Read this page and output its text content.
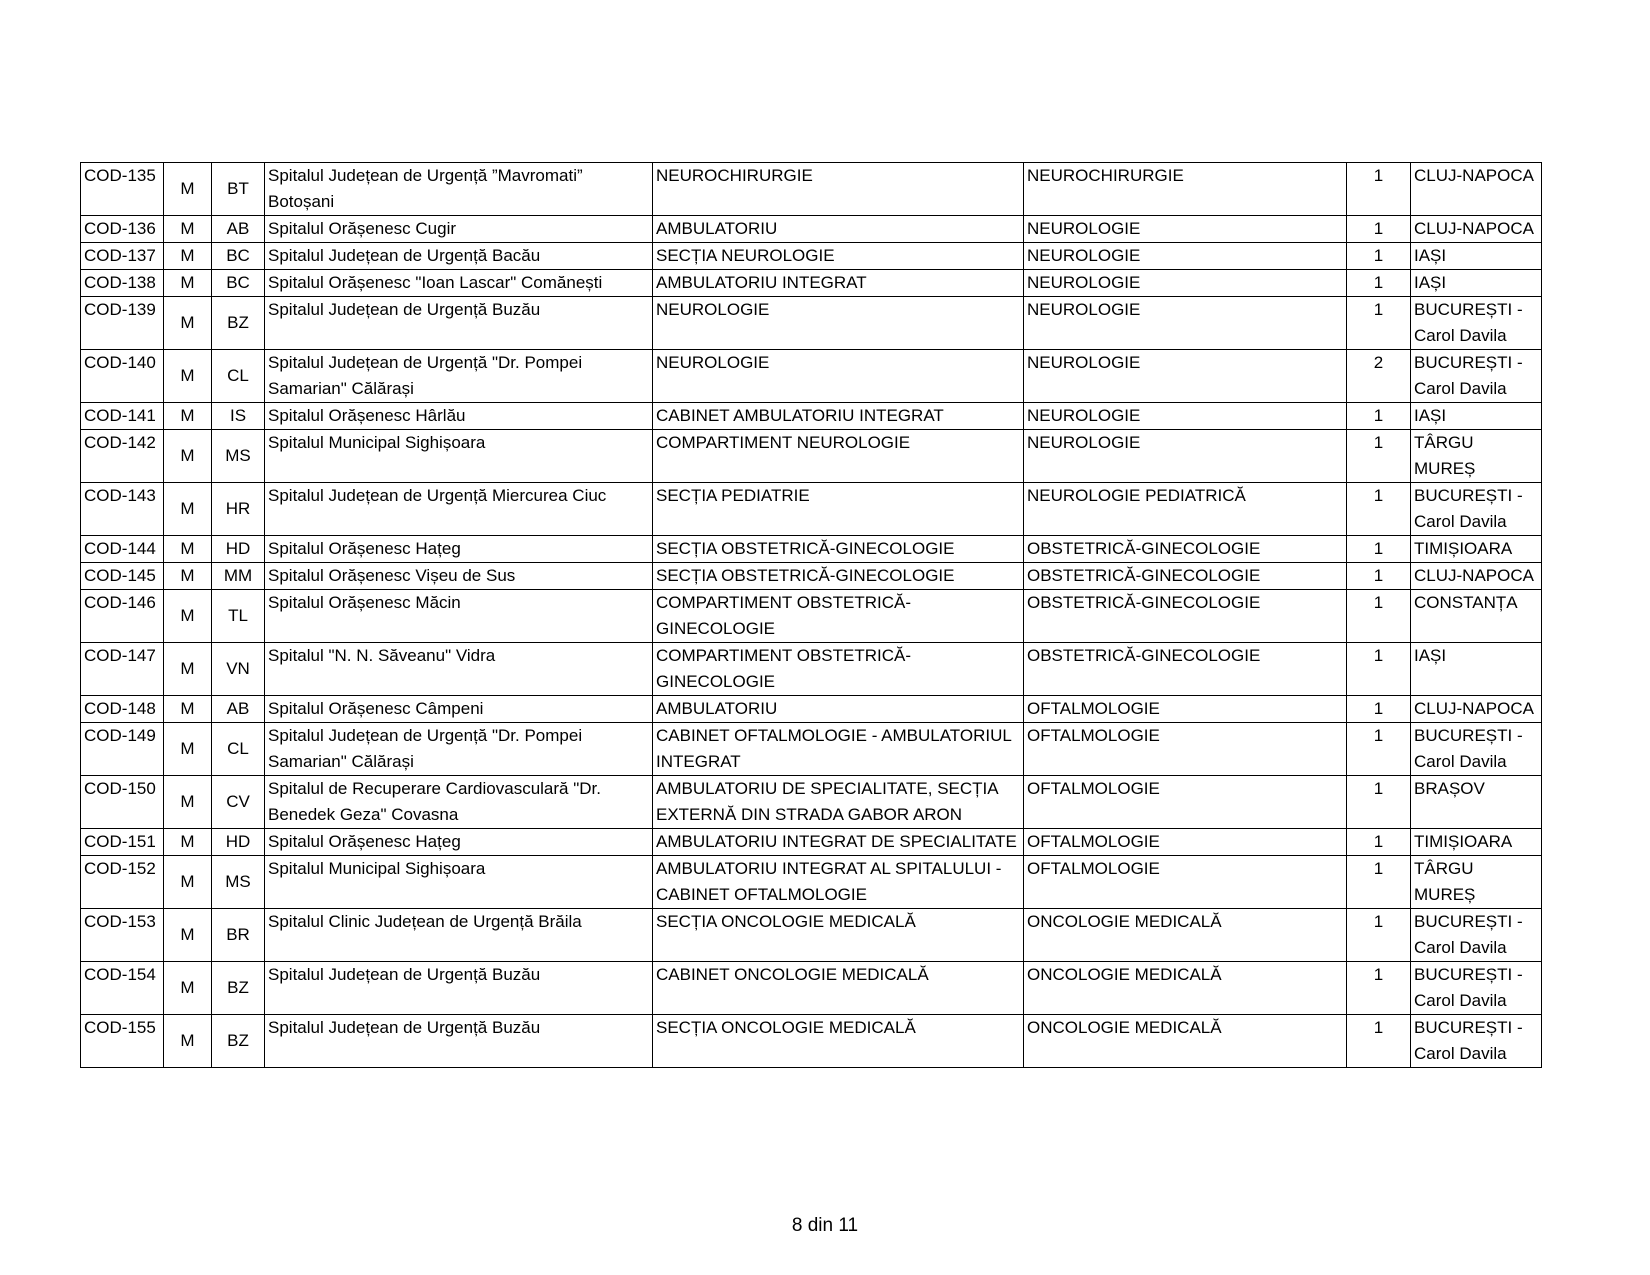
COD-135	M	BT	Spitalul Județean de Urgență ”Mavromati” Botoșani	NEUROCHIRURGIE	NEUROCHIRURGIE	1	CLUJ-NAPOCA
COD-136	M	AB	Spitalul Orășenesc Cugir	AMBULATORIU	NEUROLOGIE	1	CLUJ-NAPOCA
COD-137	M	BC	Spitalul Județean de Urgență Bacău	SECȚIA NEUROLOGIE	NEUROLOGIE	1	IAȘI
COD-138	M	BC	Spitalul Orășenesc "Ioan Lascar" Comănești	AMBULATORIU INTEGRAT	NEUROLOGIE	1	IAȘI
COD-139	M	BZ	Spitalul Județean de Urgență Buzău	NEUROLOGIE	NEUROLOGIE	1	BUCUREȘTI - Carol Davila
COD-140	M	CL	Spitalul Județean de Urgență "Dr. Pompei Samarian" Călărași	NEUROLOGIE	NEUROLOGIE	2	BUCUREȘTI - Carol Davila
COD-141	M	IS	Spitalul Orășenesc Hârlău	CABINET AMBULATORIU INTEGRAT	NEUROLOGIE	1	IAȘI
COD-142	M	MS	Spitalul Municipal Sighișoara	COMPARTIMENT NEUROLOGIE	NEUROLOGIE	1	TÂRGU MUREȘ
COD-143	M	HR	Spitalul Județean de Urgență Miercurea Ciuc	SECȚIA PEDIATRIE	NEUROLOGIE PEDIATRICĂ	1	BUCUREȘTI - Carol Davila
COD-144	M	HD	Spitalul Orășenesc Hațeg	SECȚIA OBSTETRICĂ-GINECOLOGIE	OBSTETRICĂ-GINECOLOGIE	1	TIMIȘIOARA
COD-145	M	MM	Spitalul Orășenesc Vișeu de Sus	SECȚIA OBSTETRICĂ-GINECOLOGIE	OBSTETRICĂ-GINECOLOGIE	1	CLUJ-NAPOCA
COD-146	M	TL	Spitalul Orășenesc Măcin	COMPARTIMENT OBSTETRICĂ-GINECOLOGIE	OBSTETRICĂ-GINECOLOGIE	1	CONSTANȚA
COD-147	M	VN	Spitalul "N. N. Săveanu" Vidra	COMPARTIMENT OBSTETRICĂ-GINECOLOGIE	OBSTETRICĂ-GINECOLOGIE	1	IAȘI
COD-148	M	AB	Spitalul Orășenesc Câmpeni	AMBULATORIU	OFTALMOLOGIE	1	CLUJ-NAPOCA
COD-149	M	CL	Spitalul Județean de Urgență "Dr. Pompei Samarian" Călărași	CABINET OFTALMOLOGIE - AMBULATORIUL INTEGRAT	OFTALMOLOGIE	1	BUCUREȘTI - Carol Davila
COD-150	M	CV	Spitalul de Recuperare Cardiovasculară "Dr. Benedek Geza" Covasna	AMBULATORIU DE SPECIALITATE, SECȚIA EXTERNĂ DIN STRADA GABOR ARON	OFTALMOLOGIE	1	BRAȘOV
COD-151	M	HD	Spitalul Orășenesc Hațeg	AMBULATORIU INTEGRAT DE SPECIALITATE	OFTALMOLOGIE	1	TIMIȘIOARA
COD-152	M	MS	Spitalul Municipal Sighișoara	AMBULATORIU INTEGRAT AL SPITALULUI - CABINET OFTALMOLOGIE	OFTALMOLOGIE	1	TÂRGU MUREȘ
COD-153	M	BR	Spitalul Clinic Județean de Urgență Brăila	SECȚIA ONCOLOGIE MEDICALĂ	ONCOLOGIE MEDICALĂ	1	BUCUREȘTI - Carol Davila
COD-154	M	BZ	Spitalul Județean de Urgență Buzău	CABINET ONCOLOGIE MEDICALĂ	ONCOLOGIE MEDICALĂ	1	BUCUREȘTI - Carol Davila
COD-155	M	BZ	Spitalul Județean de Urgență Buzău	SECȚIA ONCOLOGIE MEDICALĂ	ONCOLOGIE MEDICALĂ	1	BUCUREȘTI - Carol Davila
8 din 11
